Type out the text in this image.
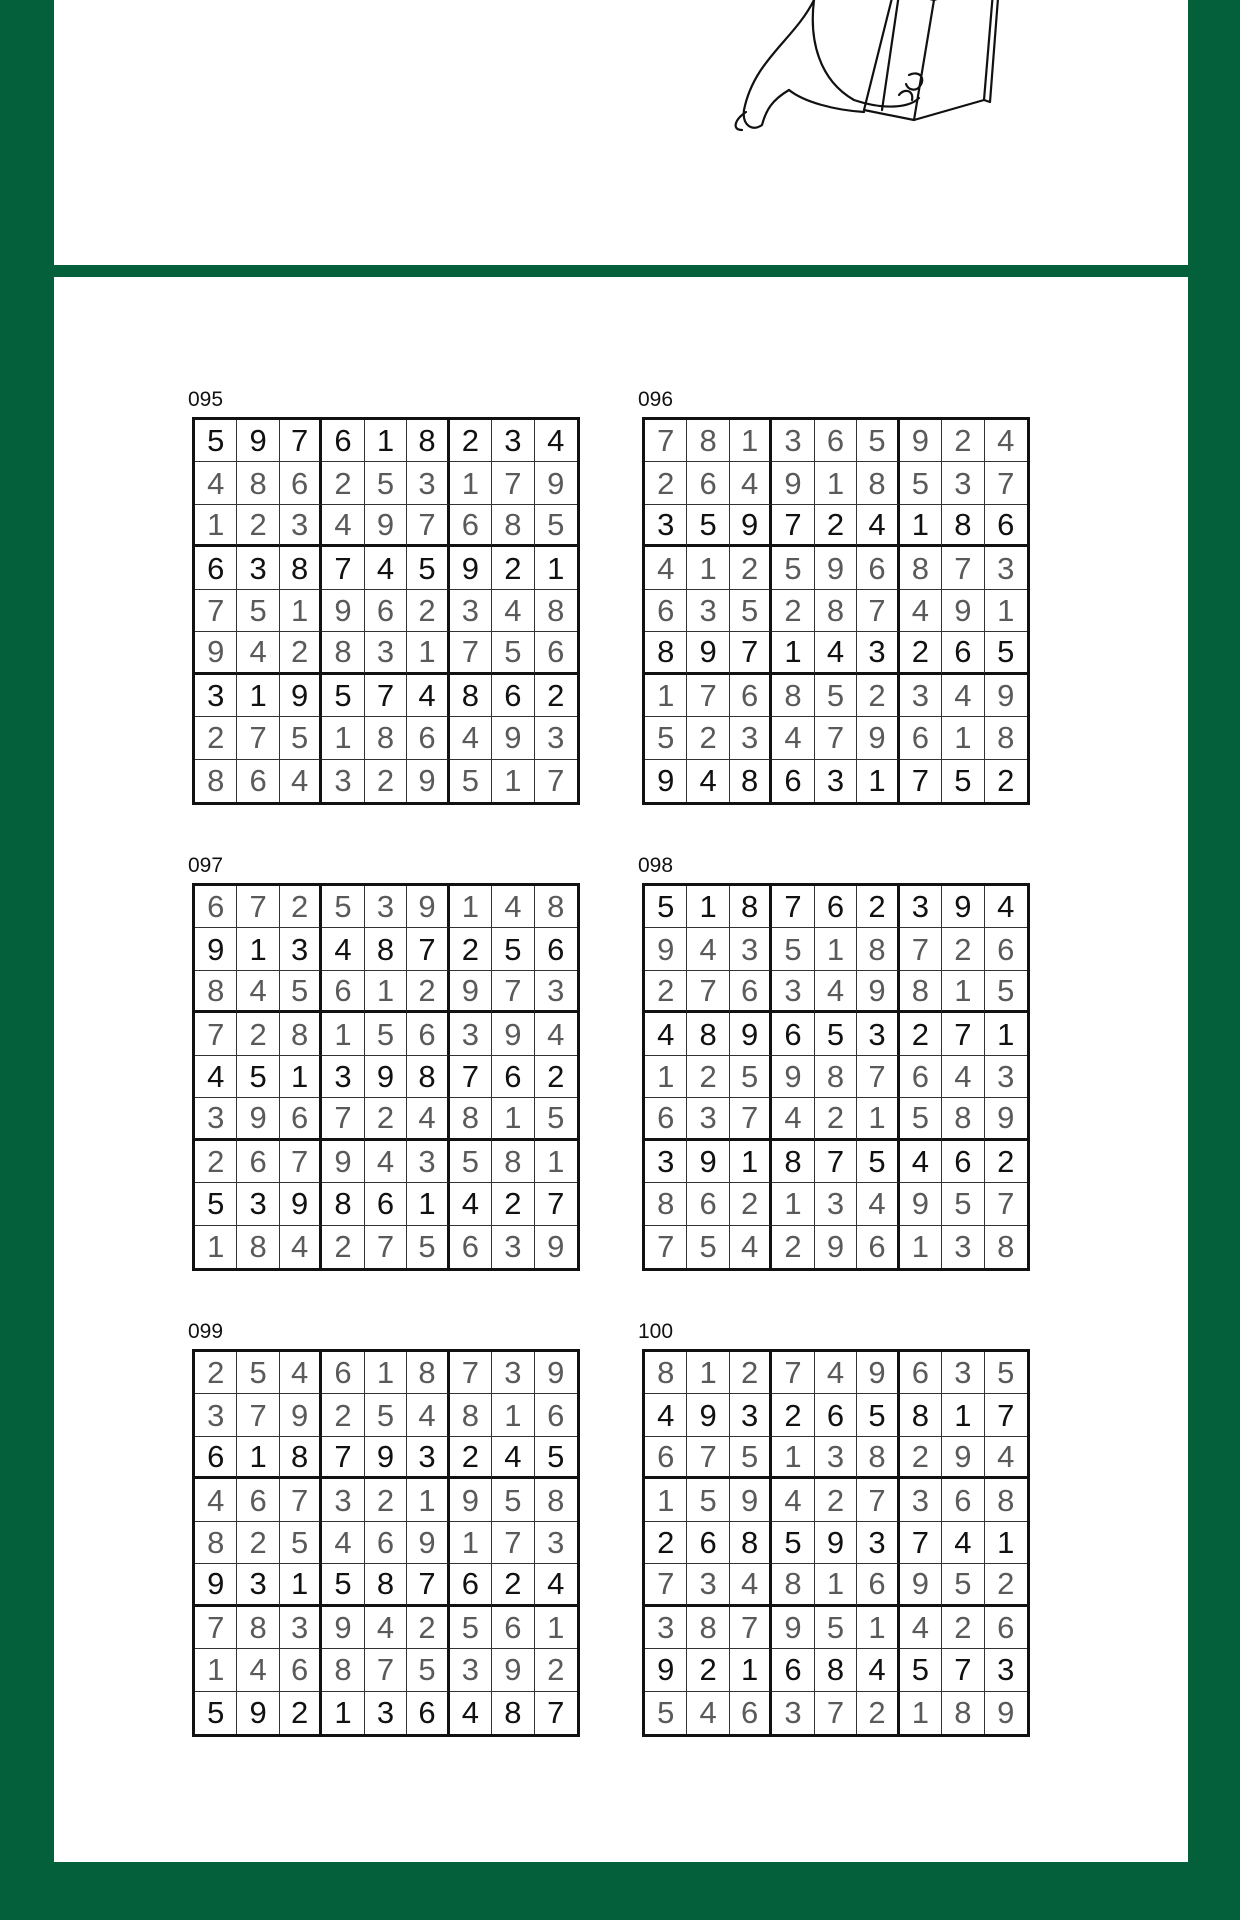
095
5 9 7 6 1 8 2 3 4
4 8 6 2 5 3 1 7 9
1 2 3 4 9 7 6 8 5
6 3 8 7 4 5 9 2 1
7 5 1 9 6 2 3 4 8
9 4 2 8 3 1 7 5 6
3 1 9 5 7 4 8 6 2
2 7 5 1 8 6 4 9 3
8 6 4 3 2 9 5 1 7
096
7 8 1 3 6 5 9 2 4
2 6 4 9 1 8 5 3 7
3 5 9 7 2 4 1 8 6
4 1 2 5 9 6 8 7 3
6 3 5 2 8 7 4 9 1
8 9 7 1 4 3 2 6 5
1 7 6 8 5 2 3 4 9
5 2 3 4 7 9 6 1 8
9 4 8 6 3 1 7 5 2
097
6 7 2 5 3 9 1 4 8
9 1 3 4 8 7 2 5 6
8 4 5 6 1 2 9 7 3
7 2 8 1 5 6 3 9 4
4 5 1 3 9 8 7 6 2
3 9 6 7 2 4 8 1 5
2 6 7 9 4 3 5 8 1
5 3 9 8 6 1 4 2 7
1 8 4 2 7 5 6 3 9
098
5 1 8 7 6 2 3 9 4
9 4 3 5 1 8 7 2 6
2 7 6 3 4 9 8 1 5
4 8 9 6 5 3 2 7 1
1 2 5 9 8 7 6 4 3
6 3 7 4 2 1 5 8 9
3 9 1 8 7 5 4 6 2
8 6 2 1 3 4 9 5 7
7 5 4 2 9 6 1 3 8
099
2 5 4 6 1 8 7 3 9
3 7 9 2 5 4 8 1 6
6 1 8 7 9 3 2 4 5
4 6 7 3 2 1 9 5 8
8 2 5 4 6 9 1 7 3
9 3 1 5 8 7 6 2 4
7 8 3 9 4 2 5 6 1
1 4 6 8 7 5 3 9 2
5 9 2 1 3 6 4 8 7
100
8 1 2 7 4 9 6 3 5
4 9 3 2 6 5 8 1 7
6 7 5 1 3 8 2 9 4
1 5 9 4 2 7 3 6 8
2 6 8 5 9 3 7 4 1
7 3 4 8 1 6 9 5 2
3 8 7 9 5 1 4 2 6
9 2 1 6 8 4 5 7 3
5 4 6 3 7 2 1 8 9
